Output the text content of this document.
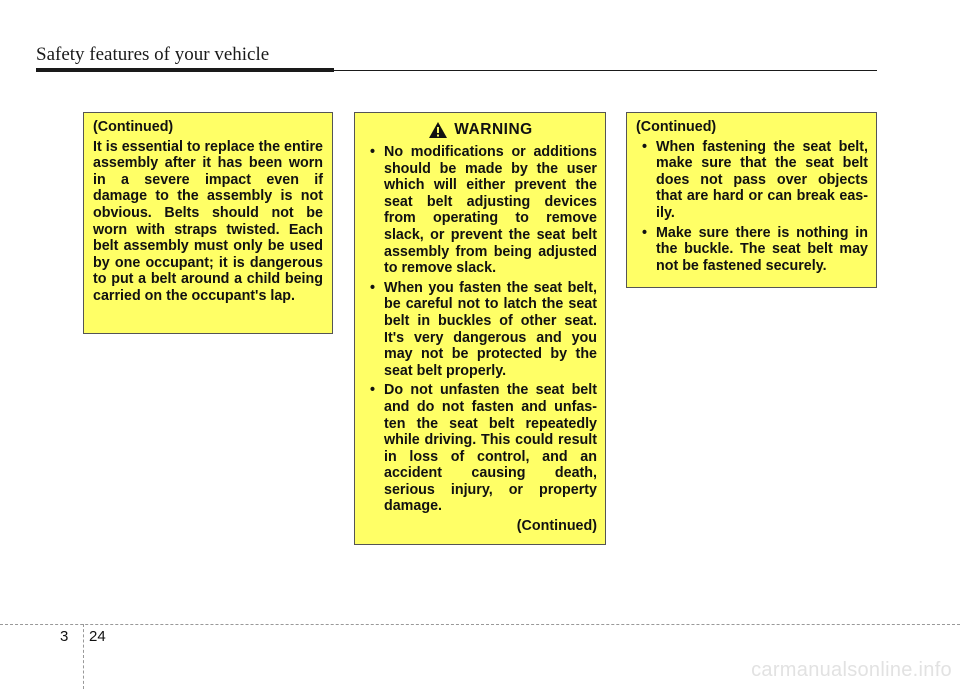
Safety features of your vehicle

(Continued)

It is essential to replace the entire assembly after it has been worn in a severe impact even if damage to the assembly is not obvious. Belts should not be worn with straps twisted. Each belt assembly must only be used by one occupant; it is dangerous to put a belt around a child being carried on the occupant's lap.

WARNING
• No modifications or additions should be made by the user which will either prevent the seat belt adjusting devices from operating to remove slack, or prevent the seat belt assembly from being adjusted to remove slack.
• When you fasten the seat belt, be careful not to latch the seat belt in buckles of other seat. It's very dangerous and you may not be protected by the seat belt properly.
• Do not unfasten the seat belt and do not fasten and unfas-ten the seat belt repeatedly while driving. This could result in loss of control, and an accident causing death, serious injury, or property damage.

(Continued)

(Continued)

• When fastening the seat belt, make sure that the seat belt does not pass over objects that are hard or can break eas-ily.
• Make sure there is nothing in the buckle. The seat belt may not be fastened securely.
3 24
carmanualsonline.info
